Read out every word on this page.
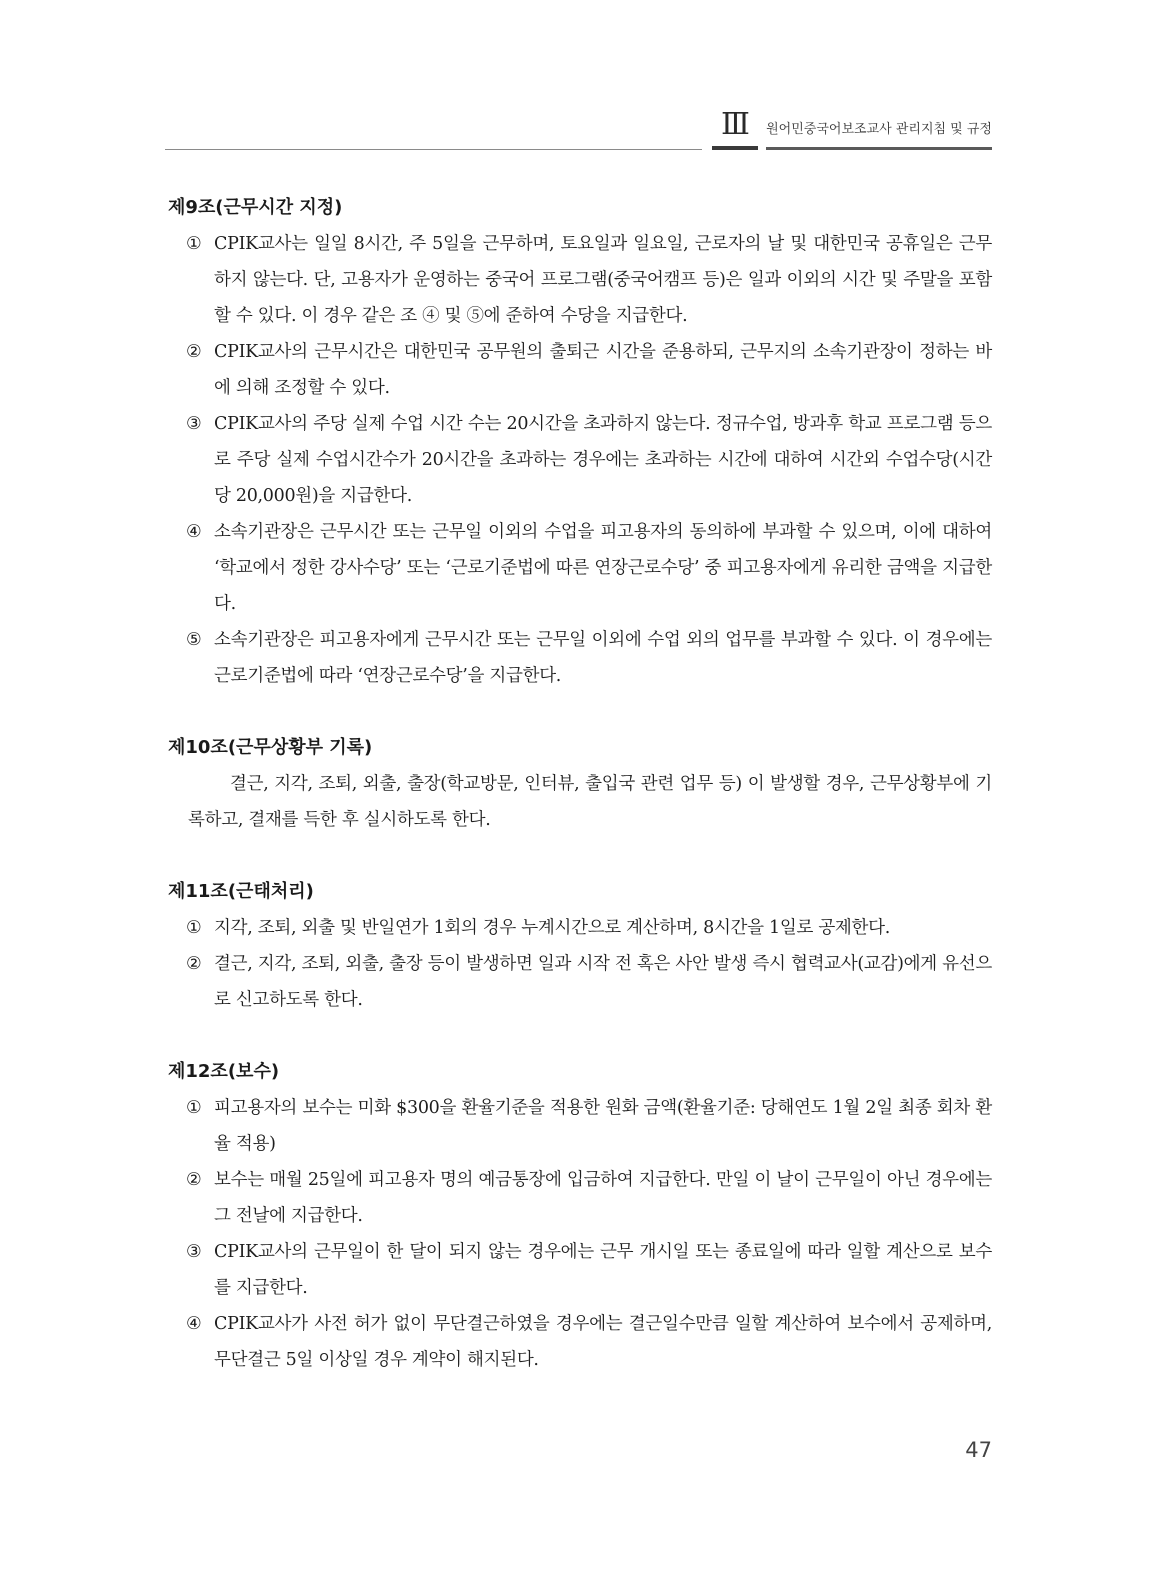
Ⅲ	원어민중국어보조교사 관리지침 및 규정

제9조(근무시간 지정)

① CPIK교사는 일일 8시간, 주 5일을 근무하며, 토요일과 일요일, 근로자의 날 및 대한민국 공휴일은 근무하지 않는다. 단, 고용자가 운영하는 중국어 프로그램(중국어캠프 등)은 일과 이외의 시간 및 주말을 포함할 수 있다. 이 경우 같은 조 ④ 및 ⑤에 준하여 수당을 지급한다.
② CPIK교사의 근무시간은 대한민국 공무원의 출퇴근 시간을 준용하되, 근무지의 소속기관장이 정하는 바에 의해 조정할 수 있다.
③ CPIK교사의 주당 실제 수업 시간 수는 20시간을 초과하지 않는다. 정규수업, 방과후 학교 프로그램 등으로 주당 실제 수업시간수가 20시간을 초과하는 경우에는 초과하는 시간에 대하여 시간외 수업수당(시간당 20,000원)을 지급한다.
④ 소속기관장은 근무시간 또는 근무일 이외의 수업을 피고용자의 동의하에 부과할 수 있으며, 이에 대하여 ‘학교에서 정한 강사수당’ 또는 ‘근로기준법에 따른 연장근로수당’ 중 피고용자에게 유리한 금액을 지급한다.
⑤ 소속기관장은 피고용자에게 근무시간 또는 근무일 이외에 수업 외의 업무를 부과할 수 있다. 이 경우에는 근로기준법에 따라 ‘연장근로수당’을 지급한다.

제10조(근무상황부 기록)

결근, 지각, 조퇴, 외출, 출장(학교방문, 인터뷰, 출입국 관련 업무 등) 이 발생할 경우, 근무상황부에 기록하고, 결재를 득한 후 실시하도록 한다.

제11조(근태처리)

① 지각, 조퇴, 외출 및 반일연가 1회의 경우 누계시간으로 계산하며, 8시간을 1일로 공제한다.
② 결근, 지각, 조퇴, 외출, 출장 등이 발생하면 일과 시작 전 혹은 사안 발생 즉시 협력교사(교감)에게 유선으로 신고하도록 한다.

제12조(보수)

① 피고용자의 보수는 미화 $300을 환율기준을 적용한 원화 금액(환율기준: 당해연도 1월 2일 최종 회차 환율 적용)
② 보수는 매월 25일에 피고용자 명의 예금통장에 입금하여 지급한다. 만일 이 날이 근무일이 아닌 경우에는 그 전날에 지급한다.
③ CPIK교사의 근무일이 한 달이 되지 않는 경우에는 근무 개시일 또는 종료일에 따라 일할 계산으로 보수를 지급한다.
④ CPIK교사가 사전 허가 없이 무단결근하였을 경우에는 결근일수만큼 일할 계산하여 보수에서 공제하며, 무단결근 5일 이상일 경우 계약이 해지된다.
47
